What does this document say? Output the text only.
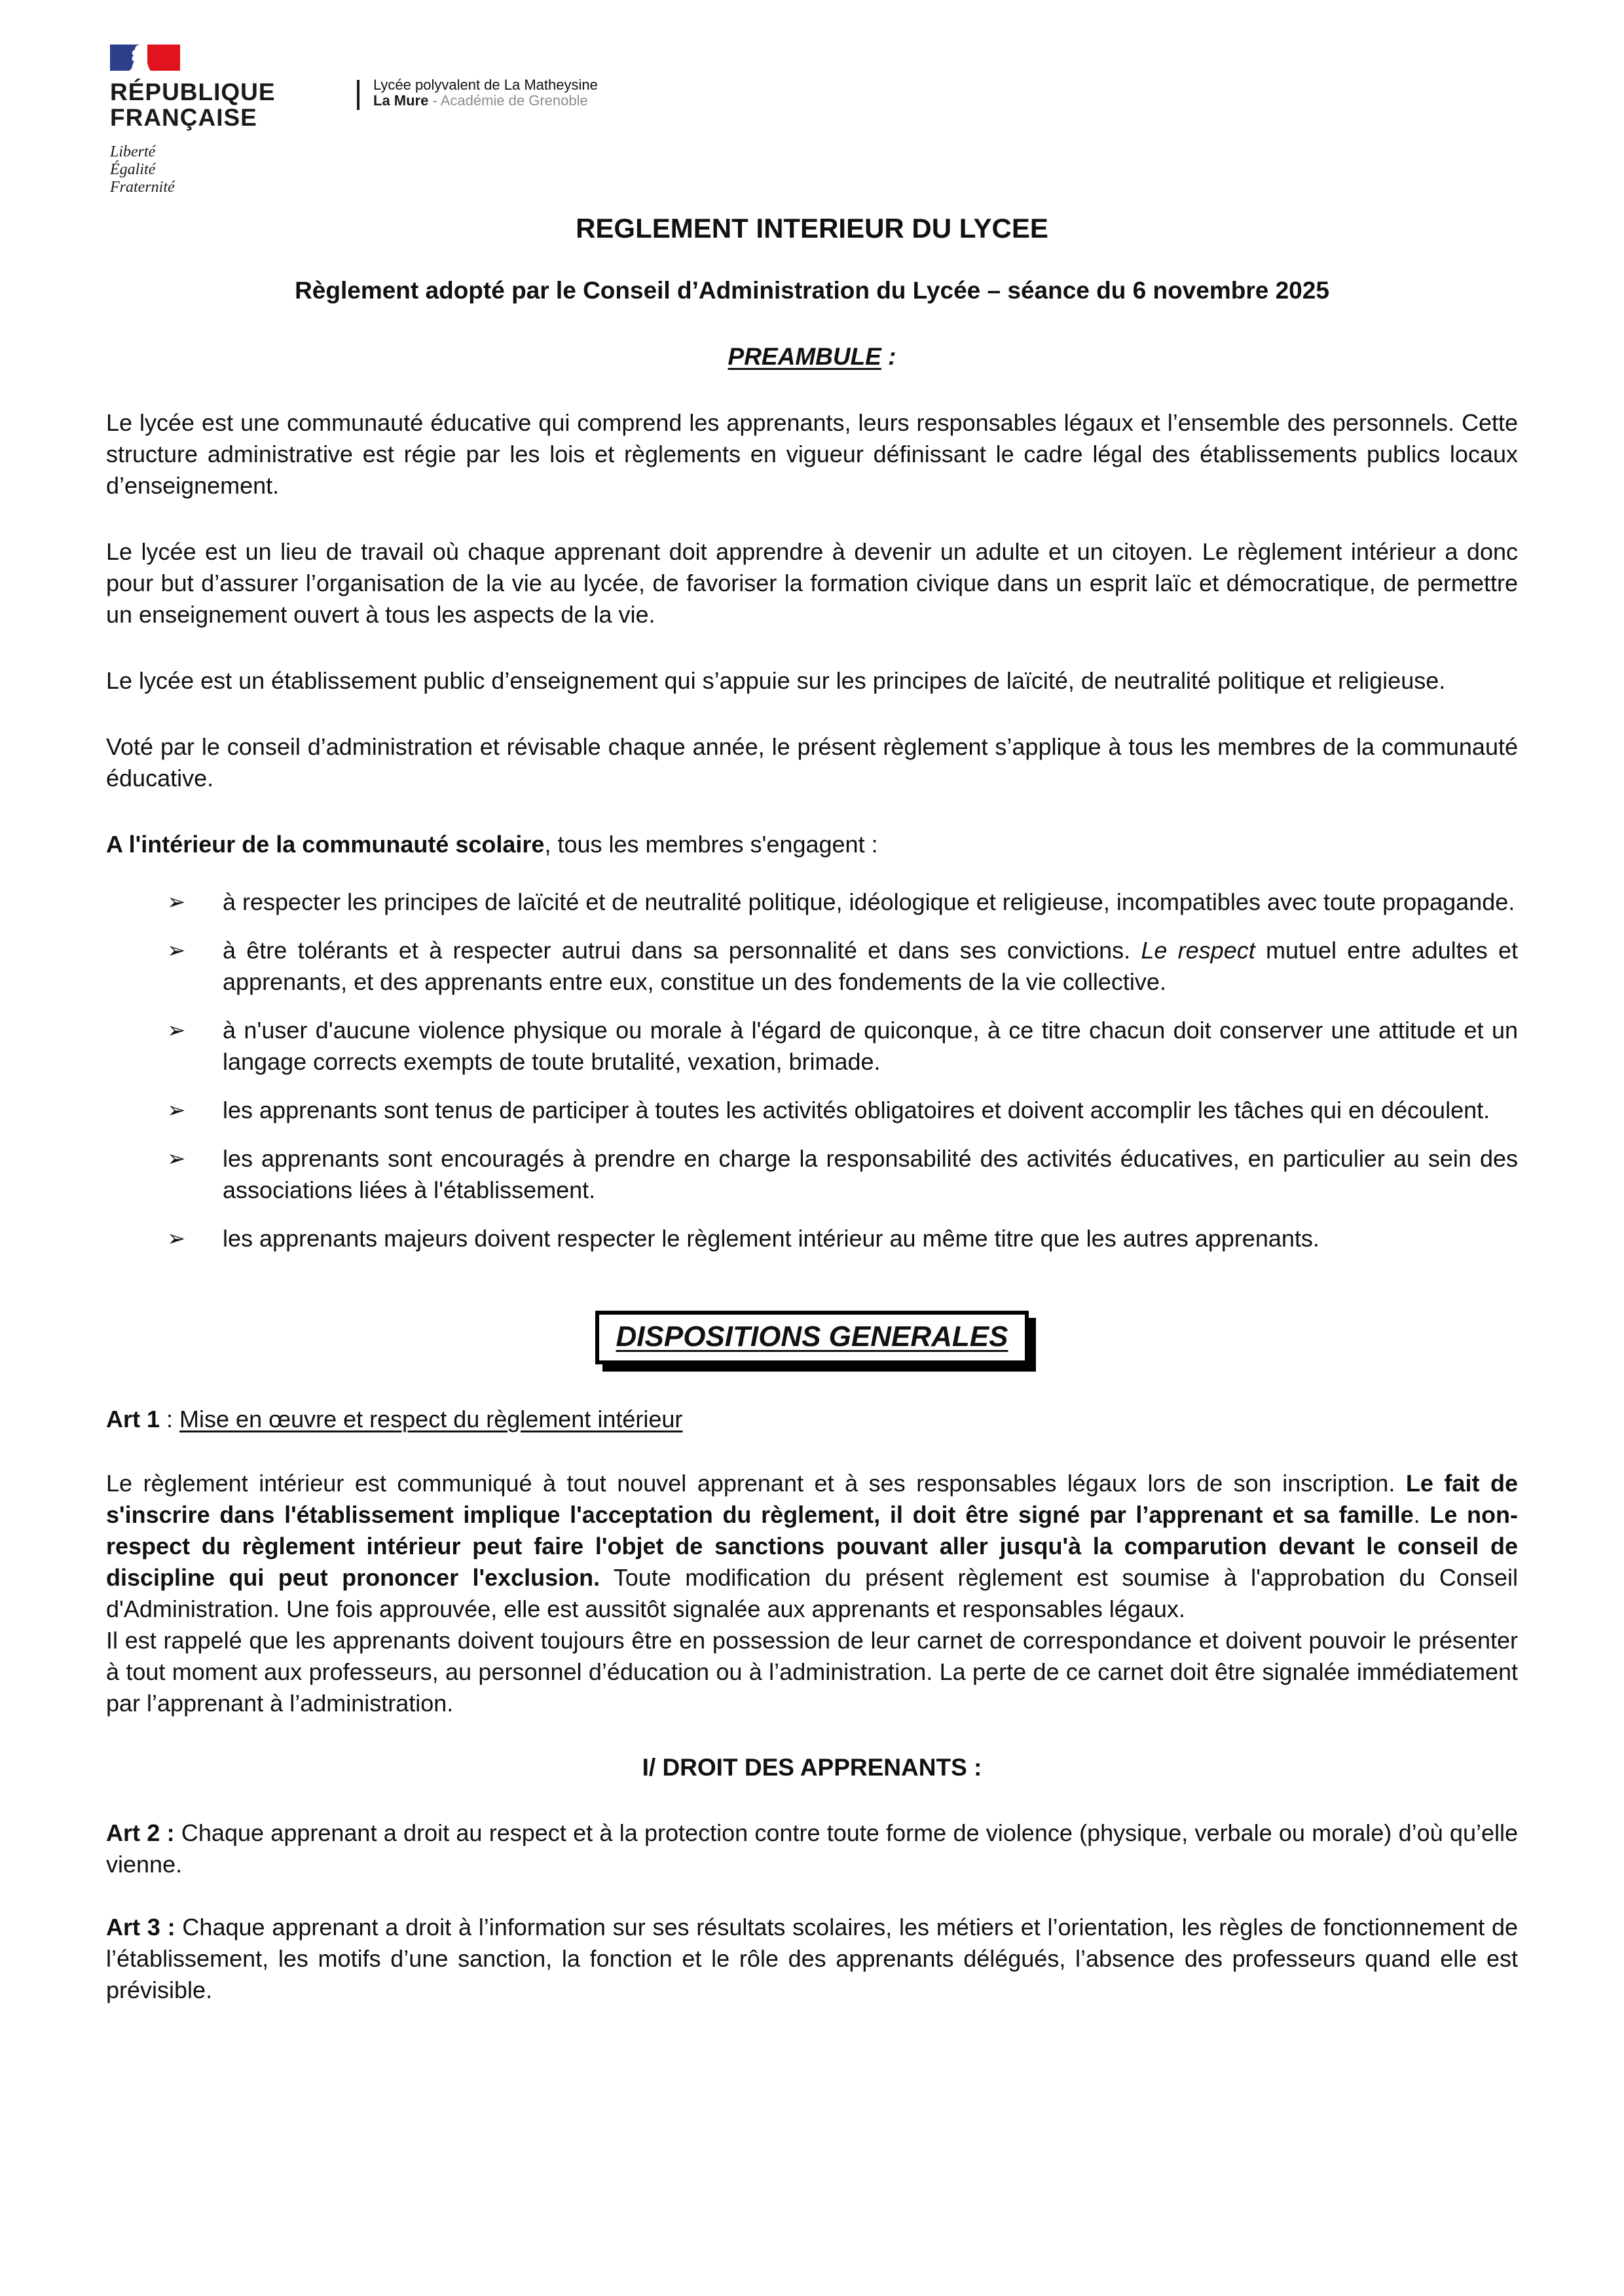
RÉPUBLIQUE
FRANÇAISE
Liberté
Égalité
Fraternité
Lycée polyvalent de La Matheysine
La Mure - Académie de Grenoble

REGLEMENT INTERIEUR DU LYCEE

Règlement adopté par le Conseil d’Administration du Lycée – séance du 6 novembre 2025

PREAMBULE :

Le lycée est une communauté éducative qui comprend les apprenants, leurs responsables légaux et l’ensemble des personnels. Cette structure administrative est régie par les lois et règlements en vigueur définissant le cadre légal des établissements publics locaux d’enseignement.

Le lycée est un lieu de travail où chaque apprenant doit apprendre à devenir un adulte et un citoyen. Le règlement intérieur a donc pour but d’assurer l’organisation de la vie au lycée, de favoriser la formation civique dans un esprit laïc et démocratique, de permettre un enseignement ouvert à tous les aspects de la vie.

Le lycée est un établissement public d’enseignement qui s’appuie sur les principes de laïcité, de neutralité politique et religieuse.

Voté par le conseil d’administration et révisable chaque année, le présent règlement s’applique à tous les membres de la communauté éducative.

A l'intérieur de la communauté scolaire, tous les membres s'engagent :

➢ à respecter les principes de laïcité et de neutralité politique, idéologique et religieuse, incompatibles avec toute propagande.
➢ à être tolérants et à respecter autrui dans sa personnalité et dans ses convictions. Le respect mutuel entre adultes et apprenants, et des apprenants entre eux, constitue un des fondements de la vie collective.
➢ à n'user d'aucune violence physique ou morale à l'égard de quiconque, à ce titre chacun doit conserver une attitude et un langage corrects exempts de toute brutalité, vexation, brimade.
➢ les apprenants sont tenus de participer à toutes les activités obligatoires et doivent accomplir les tâches qui en découlent.
➢ les apprenants sont encouragés à prendre en charge la responsabilité des activités éducatives, en particulier au sein des associations liées à l'établissement.
➢ les apprenants majeurs doivent respecter le règlement intérieur au même titre que les autres apprenants.
DISPOSITIONS GENERALES

Art 1 : Mise en œuvre et respect du règlement intérieur

Le règlement intérieur est communiqué à tout nouvel apprenant et à ses responsables légaux lors de son inscription. Le fait de s'inscrire dans l'établissement implique l'acceptation du règlement, il doit être signé par l’apprenant et sa famille. Le non-respect du règlement intérieur peut faire l'objet de sanctions pouvant aller jusqu'à la comparution devant le conseil de discipline qui peut prononcer l'exclusion. Toute modification du présent règlement est soumise à l'approbation du Conseil d'Administration. Une fois approuvée, elle est aussitôt signalée aux apprenants et responsables légaux.
Il est rappelé que les apprenants doivent toujours être en possession de leur carnet de correspondance et doivent pouvoir le présenter à tout moment aux professeurs, au personnel d’éducation ou à l’administration. La perte de ce carnet doit être signalée immédiatement par l’apprenant à l’administration.

I/ DROIT DES APPRENANTS :

Art 2 : Chaque apprenant a droit au respect et à la protection contre toute forme de violence (physique, verbale ou morale) d’où qu’elle vienne.

Art 3 : Chaque apprenant a droit à l’information sur ses résultats scolaires, les métiers et l’orientation, les règles de fonctionnement de l’établissement, les motifs d’une sanction, la fonction et le rôle des apprenants délégués, l’absence des professeurs quand elle est prévisible.
